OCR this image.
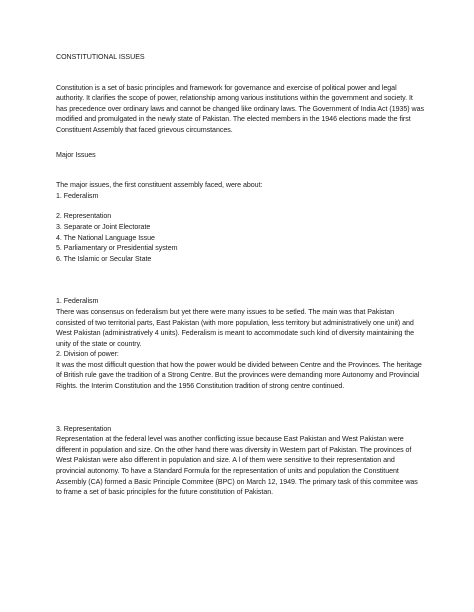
CONSTITUTIONAL ISSUES

Constitution is a set of basic principles and framework for governance and exercise of political power and legal authority. It clarifies the scope of power, relationship among various institutions within the government and society. It has precedence over ordinary laws and cannot be changed like ordinary laws. The Government of India Act (1935) was modified and promulgated in the newly state of Pakistan. The elected members in the 1946 elections made the first Constituent Assembly that faced grievous circumstances.

Major Issues

The major issues, the first constituent assembly faced, were about:

1. Federalism

2. Representation
3. Separate or Joint Electorate
4. The National Language Issue
5. Parliamentary or Presidential system
6. The Islamic or Secular State

1. Federalism

There was consensus on federalism but yet there were many issues to be setled. The main was that Pakistan consisted of two territorial parts, East Pakistan (with more population, less territory but administratively one unit) and West Pakistan (administratively 4 units). Federalism is meant to accommodate such kind of diversity maintaining the unity of the state or country.

2. Division of power:

It was the most difficult question that how the power would be divided between Centre and the Provinces. The heritage of British rule gave the tradition of a Strong Centre. But the provinces were demanding more Autonomy and Provincial Rights. the Interim Constitution and the 1956 Constitution tradition of strong centre continued.

3. Representation

Representation at the federal level was another conflicting issue because East Pakistan and West Pakistan were different in population and size. On the other hand there was diversity in Western part of Pakistan. The provinces of West Pakistan were also different in population and size. A l of them were sensitive to their representation and provincial autonomy. To have a Standard Formula for the representation of units and population the Constituent Assembly (CA) formed a Basic Principle Commitee (BPC) on March 12, 1949. The primary task of this commitee was to frame a set of basic principles for the future constitution of Pakistan.
